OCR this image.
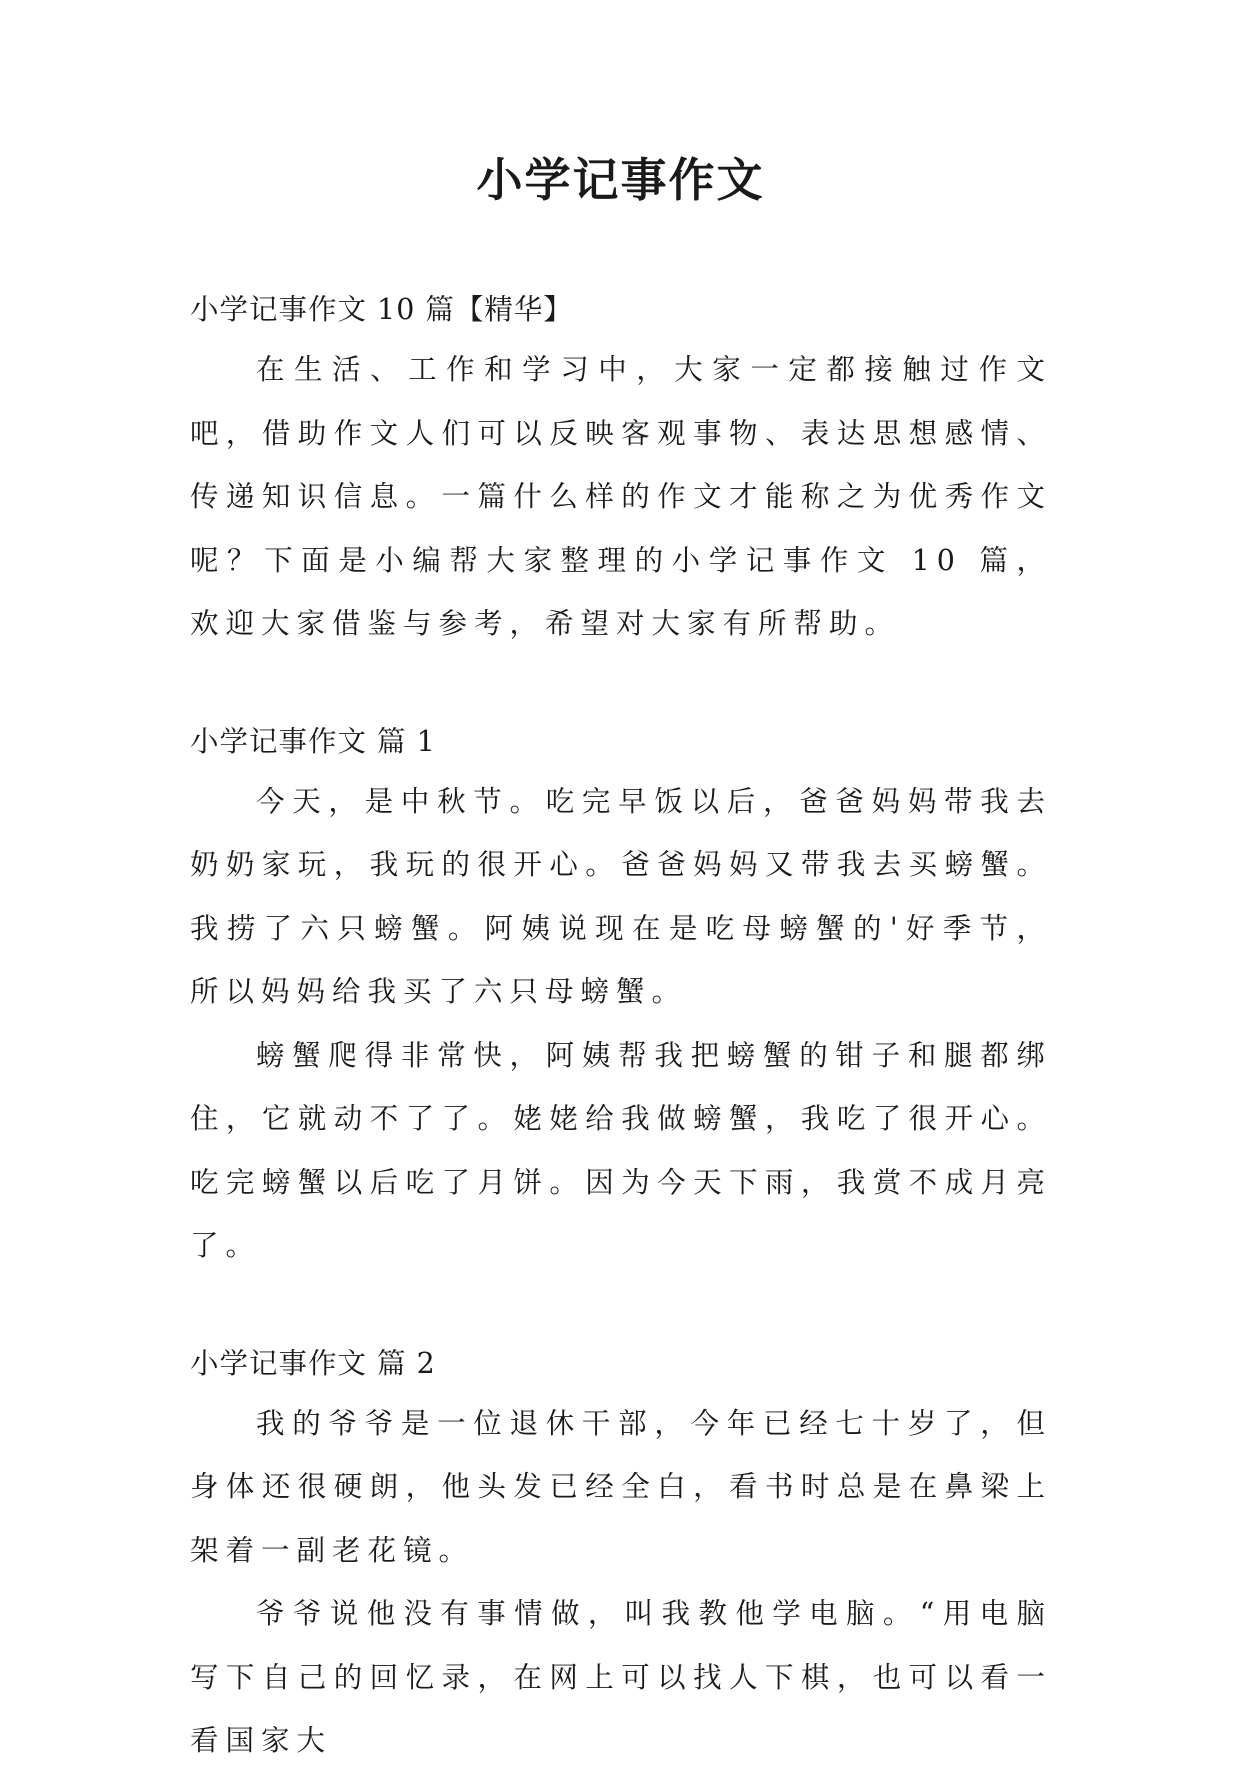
小学记事作文

小学记事作文 10 篇【精华】

在生活、工作和学习中，大家一定都接触过作文吧，借助作文人们可以反映客观事物、表达思想感情、传递知识信息。一篇什么样的作文才能称之为优秀作文呢？下面是小编帮大家整理的小学记事作文 10 篇，欢迎大家借鉴与参考，希望对大家有所帮助。

小学记事作文 篇 1

今天，是中秋节。吃完早饭以后，爸爸妈妈带我去奶奶家玩，我玩的很开心。爸爸妈妈又带我去买螃蟹。我捞了六只螃蟹。阿姨说现在是吃母螃蟹的'好季节，所以妈妈给我买了六只母螃蟹。

螃蟹爬得非常快，阿姨帮我把螃蟹的钳子和腿都绑住，它就动不了了。姥姥给我做螃蟹，我吃了很开心。吃完螃蟹以后吃了月饼。因为今天下雨，我赏不成月亮了。

小学记事作文 篇 2

我的爷爷是一位退休干部，今年已经七十岁了，但身体还很硬朗，他头发已经全白，看书时总是在鼻梁上架着一副老花镜。

爷爷说他没有事情做，叫我教他学电脑。“用电脑写下自己的回忆录，在网上可以找人下棋，也可以看一看国家大
